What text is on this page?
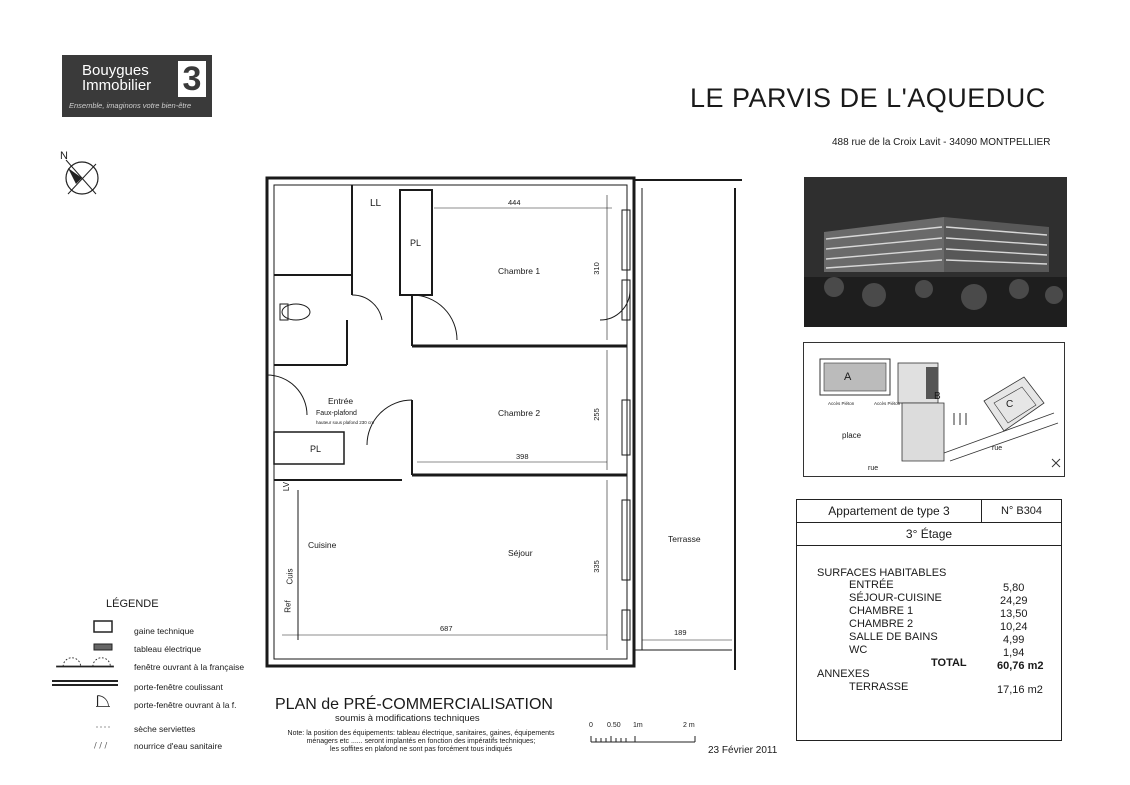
Bouygues
Immobilier 3
Ensemble, imaginons votre bien-être
N
LE PARVIS DE L'AQUEDUC
488 rue de la Croix Lavit - 34090 MONTPELLIER
A
B
C
place
rue
rue
Accès Piéton	Accès Piéton
LL
PL
Chambre 1
Chambre 2
Entrée
Faux-plafond
hauteur sous plafond 230 cm
PL
LV
Cuisine
Séjour
Terrasse
Cuis
Ref
444
310
255
398
335
687	189
LÉGENDE
gaine technique
tableau électrique
fenêtre ouvrant à la française
porte-fenêtre coulissant
porte-fenêtre ouvrant à la f.
sèche serviettes
/ / /	nourrice d'eau sanitaire
PLAN de PRÉ-COMMERCIALISATION
soumis à modifications techniques
Note: la position des équipements: tableau électrique, sanitaires, gaines, équipements
ménagers etc ...... seront implantés en fonction des impératifs techniques;
les soffites en plafond ne sont pas forcément tous indiqués
0 0.50 1m	2 m
23 Février 2011
Appartement de type 3	N° B304
3° Étage
SURFACES HABITABLES
ENTRÉE	5,80
SÉJOUR-CUISINE	24,29
CHAMBRE 1	13,50
CHAMBRE 2	10,24
SALLE DE BAINS	4,99
WC	1,94
TOTAL	60,76 m2
ANNEXES
TERRASSE	17,16 m2
